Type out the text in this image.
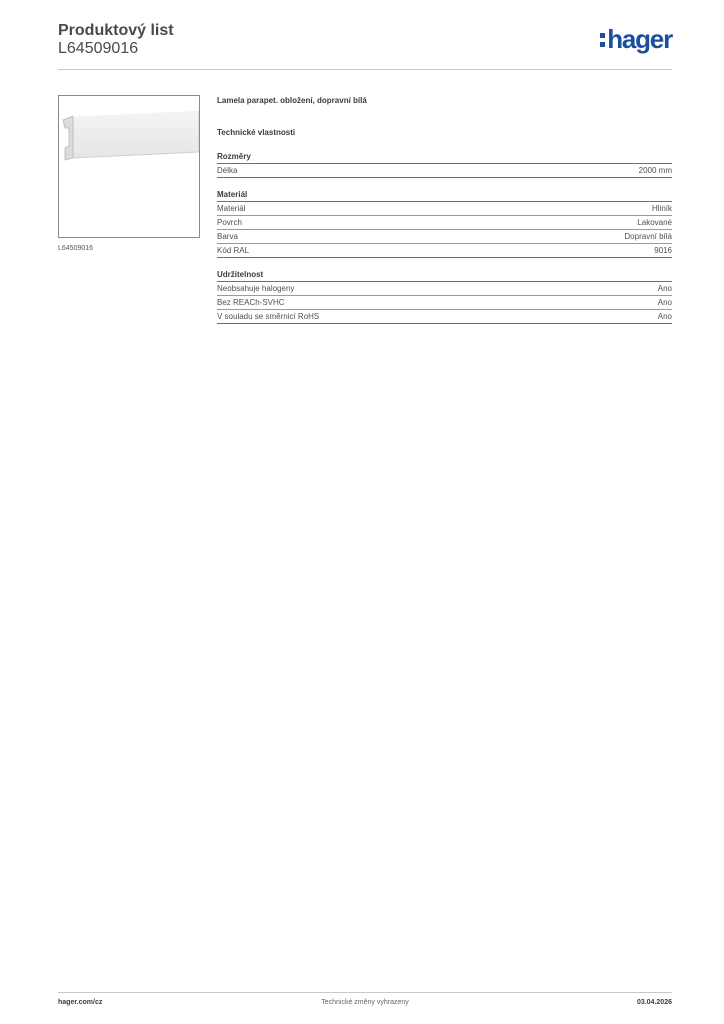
Produktový list
L64509016	hager
L64509016
Lamela parapet. obložení, dopravní bílá
Technické vlastnosti
Rozměry
Délka	2000 mm
Materiál
Materiál	Hliník
Povrch	Lakované
Barva	Dopravní bílá
Kód RAL	9016
Udržitelnost
Neobsahuje halogeny	Ano
Bez REACh-SVHC	Ano
V souladu se směrnicí RoHS	Ano
hager.com/cz	Technické změny vyhrazeny	03.04.2026
